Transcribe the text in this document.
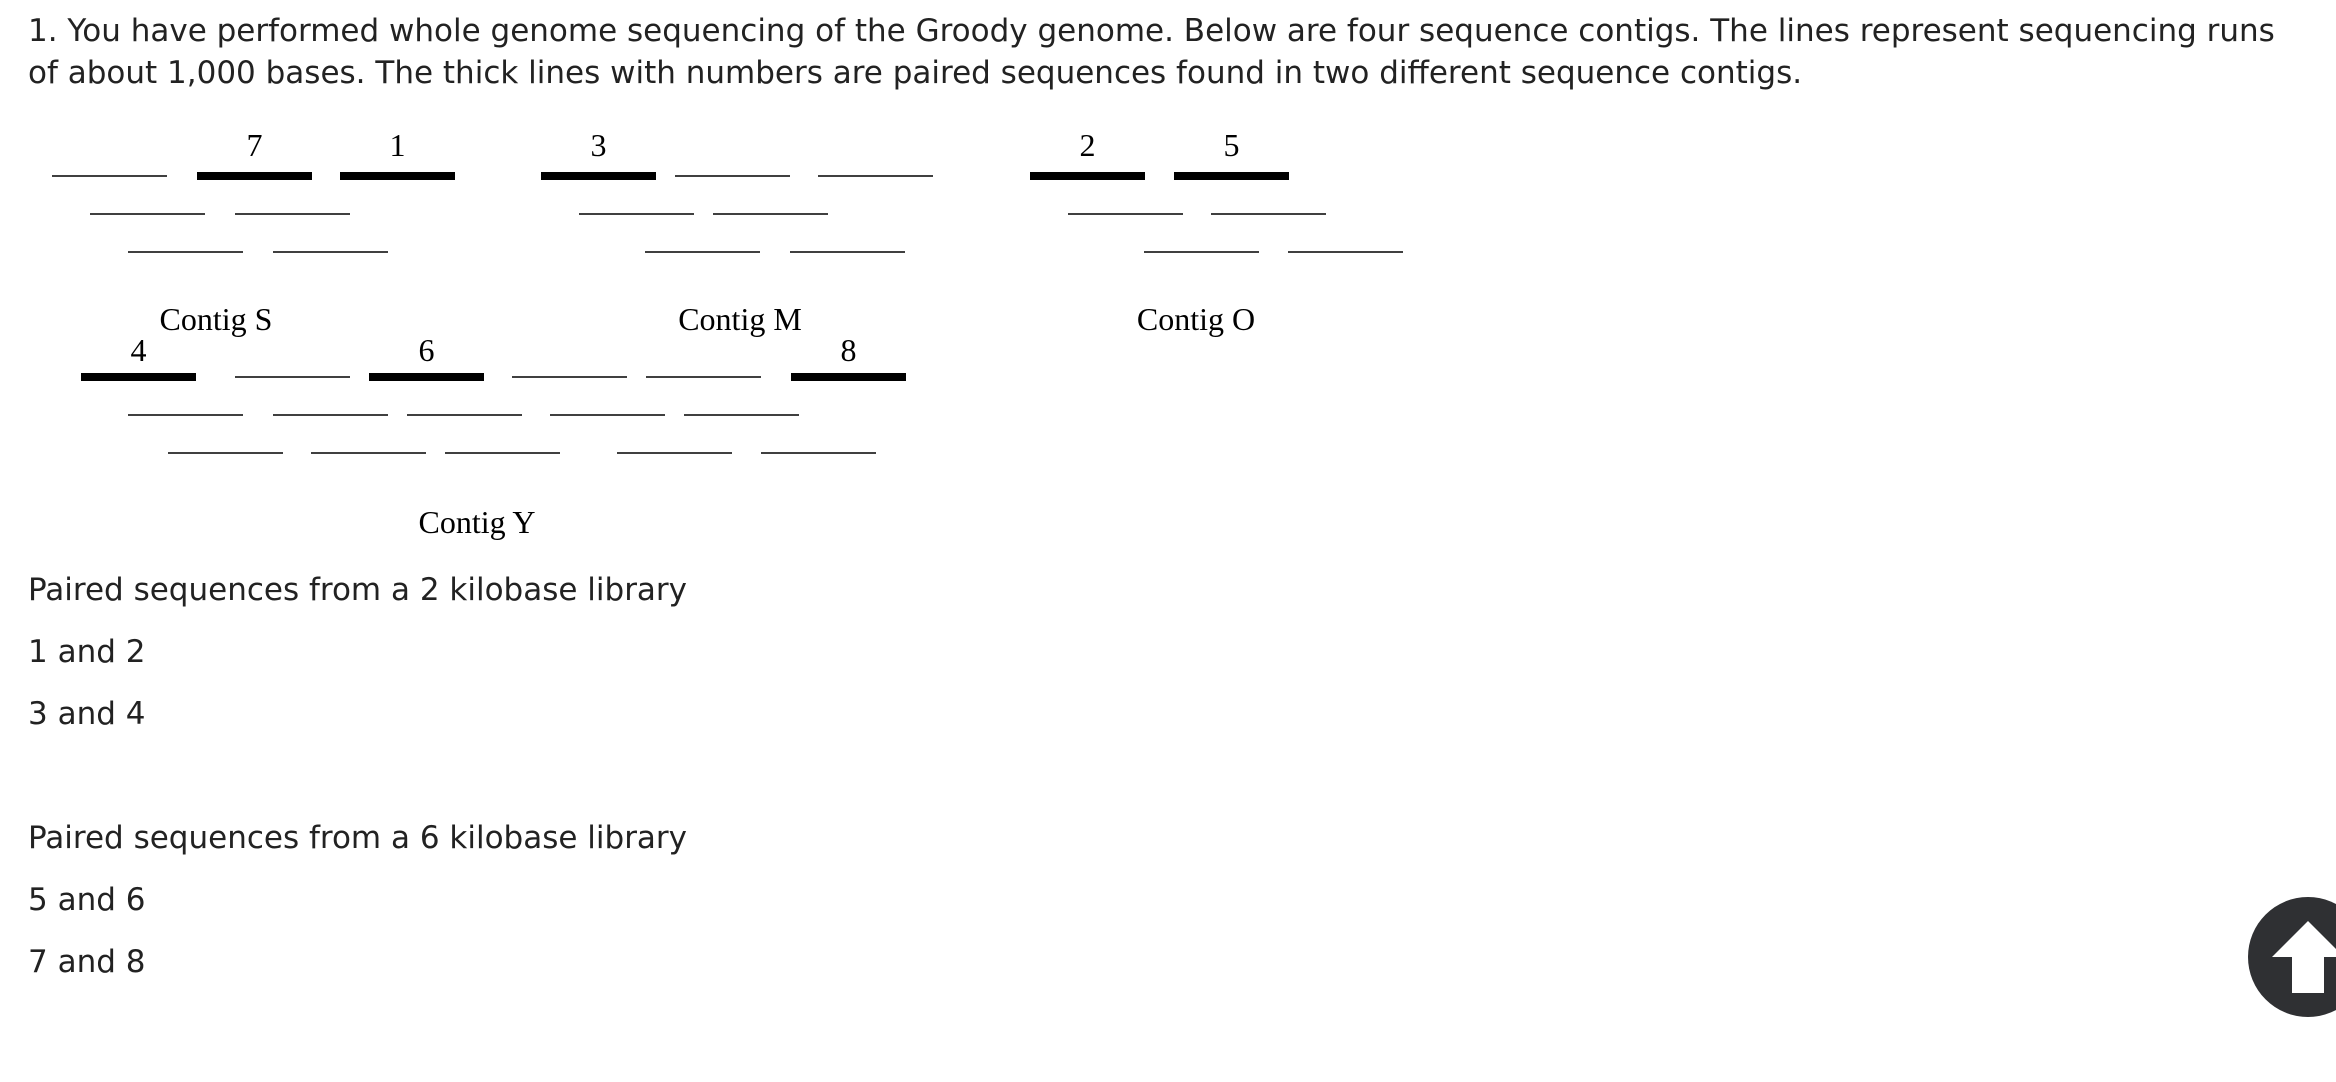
1. You have performed whole genome sequencing of the Groody genome. Below are four sequence contigs. The lines represent sequencing runs of about 1,000 bases. The thick lines with numbers are paired sequences found in two different sequence contigs.

7	1
Contig S
3
Contig M
2	5
Contig O
4	6	8
Contig Y

Paired sequences from a 2 kilobase library

1 and 2

3 and 4

Paired sequences from a 6 kilobase library

5 and 6

7 and 8
